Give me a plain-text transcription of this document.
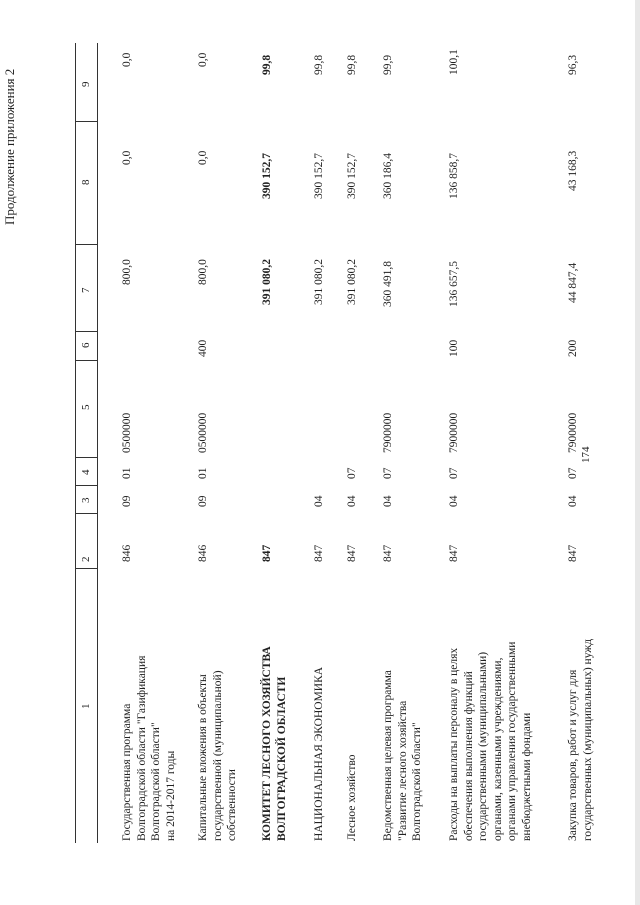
174
Продолжение приложения 2
1
2
3
4
5
6
7
8
9
Государственная программа Волгоградской области "Газификация Волгоградской области" на 2014-2017 годы
846
09
01
0500000
800,0
0,0
0,0
Капитальные вложения в объекты государственной (муниципальной) собственности
846
09
01
0500000
400
800,0
0,0
0,0
КОМИТЕТ ЛЕСНОГО ХОЗЯЙСТВА ВОЛГОГРАДСКОЙ ОБЛАСТИ
847
391 080,2
390 152,7
99,8
НАЦИОНАЛЬНАЯ ЭКОНОМИКА
847
04
391 080,2
390 152,7
99,8
Лесное хозяйство
847
04
07
391 080,2
390 152,7
99,8
Ведомственная целевая программа "Развитие лесного хозяйства Волгоградской области"
847
04
07
7900000
360 491,8
360 186,4
99,9
Расходы на выплаты персоналу в целях обеспечения выполнения функций государственными (муниципальными) органами, казенными учреждениями, органами управления государственными внебюджетными фондами
847
04
07
7900000
100
136 657,5
136 858,7
100,1
Закупка товаров, работ и услуг для государственных (муниципальных) нужд
847
04
07
7900000
200
44 847,4
43 168,3
96,3
